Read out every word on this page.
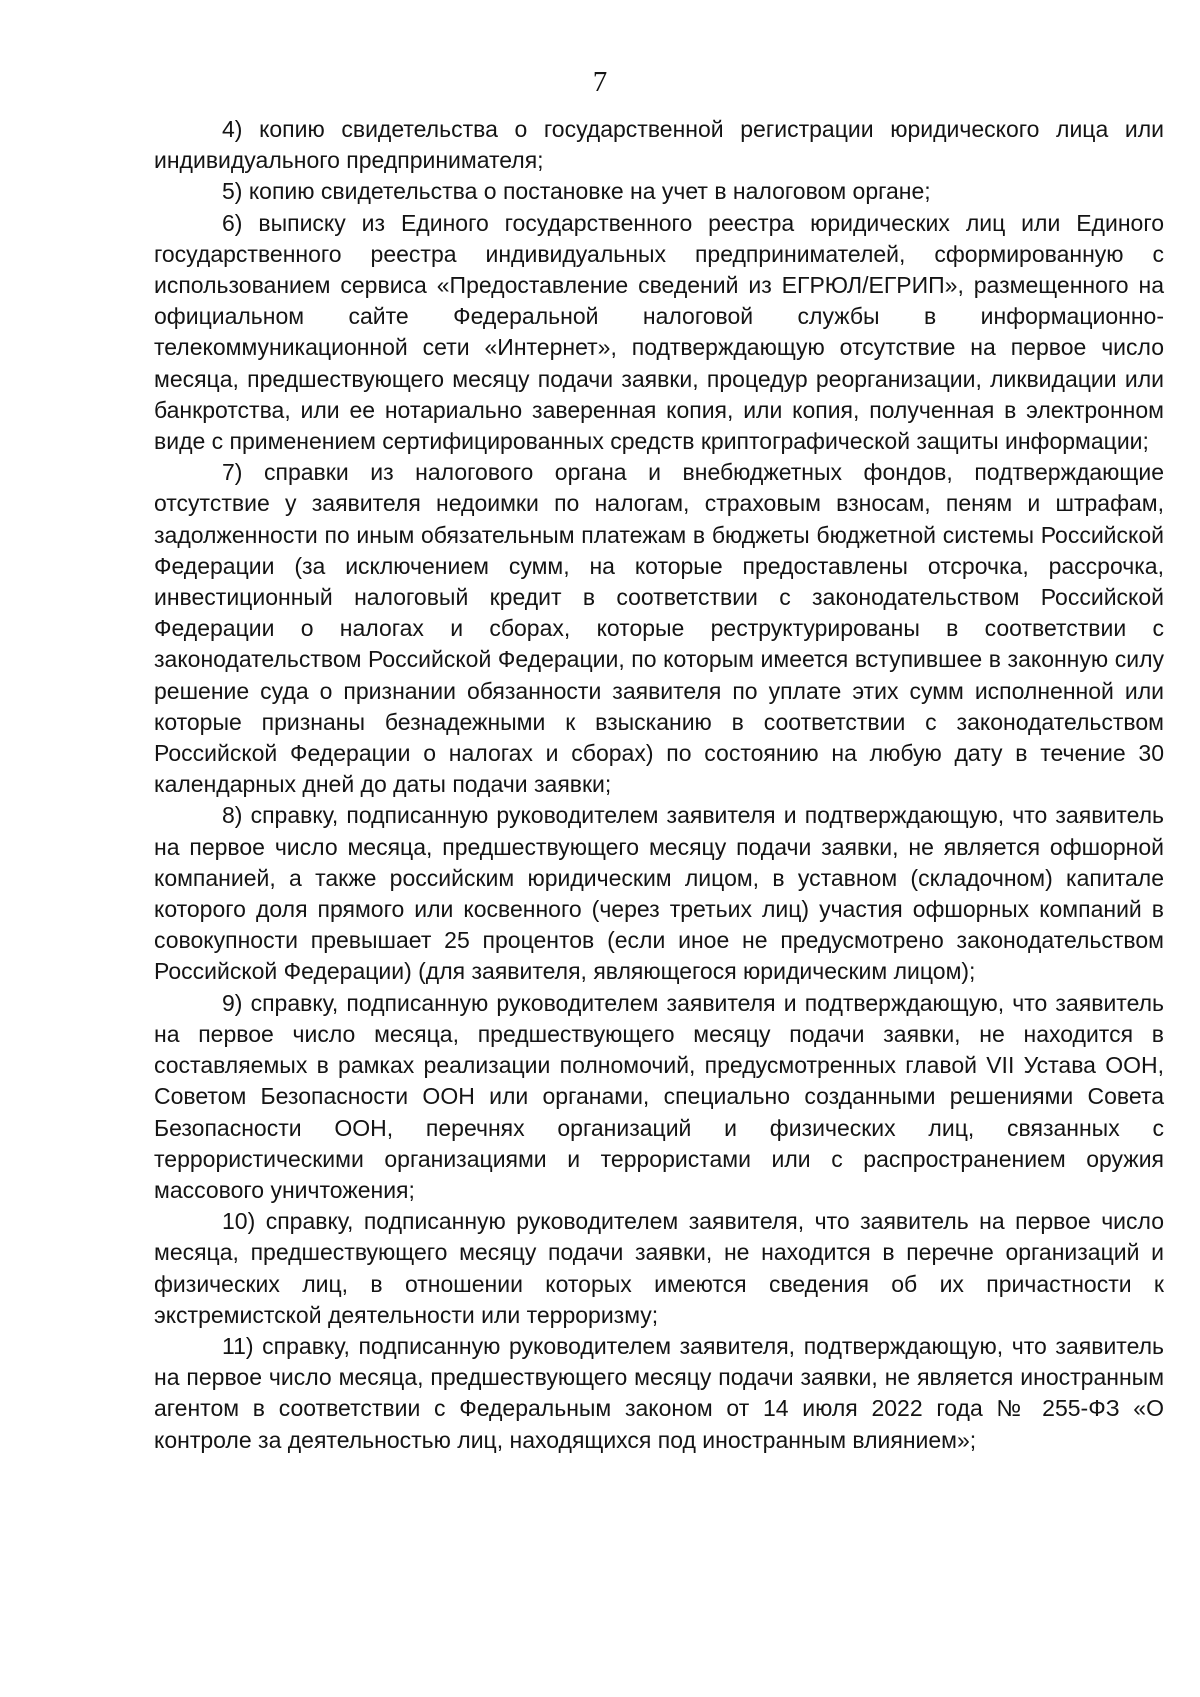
7

4) копию свидетельства о государственной регистрации юридического лица или индивидуального предпринимателя;

5) копию свидетельства о постановке на учет в налоговом органе;

6) выписку из Единого государственного реестра юридических лиц или Единого государственного реестра индивидуальных предпринимателей, сформированную с использованием сервиса «Предоставление сведений из ЕГРЮЛ/ЕГРИП», размещенного на официальном сайте Федеральной налоговой службы в информационно-телекоммуникационной сети «Интернет», подтверждающую отсутствие на первое число месяца, предшествующего месяцу подачи заявки, процедур реорганизации, ликвидации или банкротства, или ее нотариально заверенная копия, или копия, полученная в электронном виде с применением сертифицированных средств криптографической защиты информации;

7) справки из налогового органа и внебюджетных фондов, подтверждающие отсутствие у заявителя недоимки по налогам, страховым взносам, пеням и штрафам, задолженности по иным обязательным платежам в бюджеты бюджетной системы Российской Федерации (за исключением сумм, на которые предоставлены отсрочка, рассрочка, инвестиционный налоговый кредит в соответствии с законодательством Российской Федерации о налогах и сборах, которые реструктурированы в соответствии с законодательством Российской Федерации, по которым имеется вступившее в законную силу решение суда о признании обязанности заявителя по уплате этих сумм исполненной или которые признаны безнадежными к взысканию в соответствии с законодательством Российской Федерации о налогах и сборах) по состоянию на любую дату в течение 30 календарных дней до даты подачи заявки;

8) справку, подписанную руководителем заявителя и подтверждающую, что заявитель на первое число месяца, предшествующего месяцу подачи заявки, не является офшорной компанией, а также российским юридическим лицом, в уставном (складочном) капитале которого доля прямого или косвенного (через третьих лиц) участия офшорных компаний в совокупности превышает 25 процентов (если иное не предусмотрено законодательством Российской Федерации) (для заявителя, являющегося юридическим лицом);

9) справку, подписанную руководителем заявителя и подтверждающую, что заявитель на первое число месяца, предшествующего месяцу подачи заявки, не находится в составляемых в рамках реализации полномочий, предусмотренных главой VII Устава ООН, Советом Безопасности ООН или органами, специально созданными решениями Совета Безопасности ООН, перечнях организаций и физических лиц, связанных с террористическими организациями и террористами или с распространением оружия массового уничтожения;

10) справку, подписанную руководителем заявителя, что заявитель на первое число месяца, предшествующего месяцу подачи заявки, не находится в перечне организаций и физических лиц, в отношении которых имеются сведения об их причастности к экстремистской деятельности или терроризму;

11) справку, подписанную руководителем заявителя, подтверждающую, что заявитель на первое число месяца, предшествующего месяцу подачи заявки, не является иностранным агентом в соответствии с Федеральным законом от 14 июля 2022 года № 255-ФЗ «О контроле за деятельностью лиц, находящихся под иностранным влиянием»;
